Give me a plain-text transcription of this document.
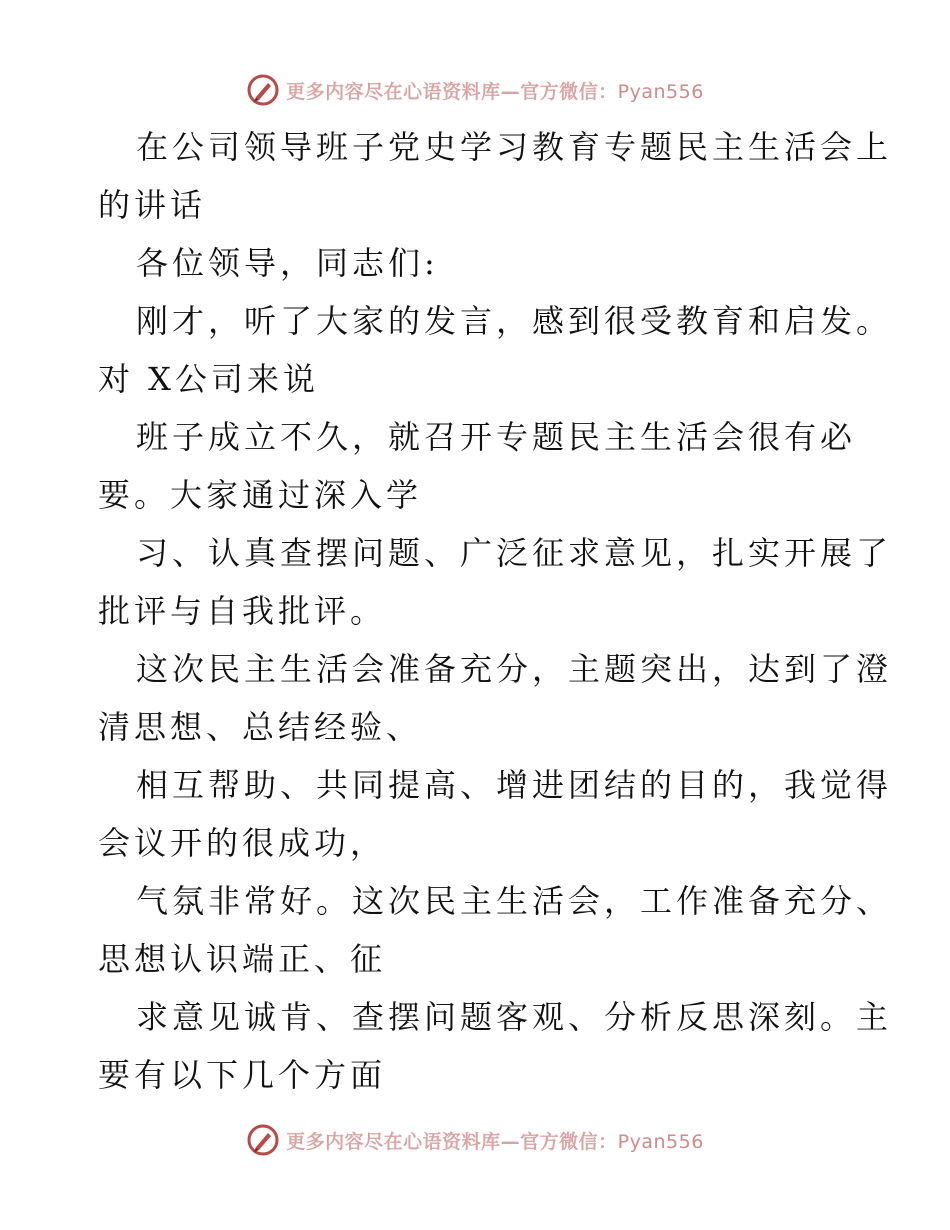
更多内容尽在心语资料库—官方微信：Pyan556
在公司领导班子党史学习教育专题民主生活会上
的讲话
各位领导，同志们:
刚才，听了大家的发言，感到很受教育和启发。
对 X公司来说
班子成立不久，就召开专题民主生活会很有必
要。大家通过深入学
习、认真查摆问题、广泛征求意见，扎实开展了
批评与自我批评。
这次民主生活会准备充分，主题突出，达到了澄
清思想、总结经验、
相互帮助、共同提高、增进团结的目的，我觉得
会议开的很成功，
气氛非常好。这次民主生活会，工作准备充分、
思想认识端正、征
求意见诚肯、查摆问题客观、分析反思深刻。主
要有以下几个方面
更多内容尽在心语资料库—官方微信：Pyan556
